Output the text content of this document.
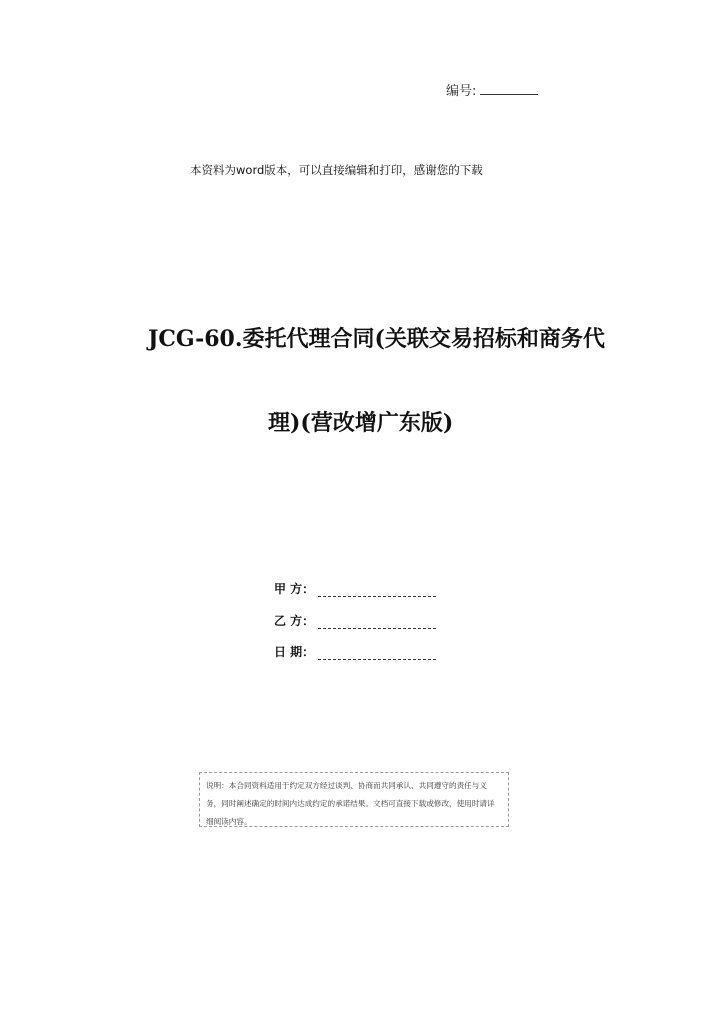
编号:
本资料为word版本，可以直接编辑和打印，感谢您的下载
JCG-60.委托代理合同(关联交易招标和商务代
理)(营改增广东版)
甲 方：
乙 方：
日 期：
说明：本合同资料适用于约定双方经过谈判、协商而共同承认、共同遵守的责任与义务，同时阐述确定的时间内达成约定的承诺结果。文档可直接下载或修改，使用时请详细阅读内容。
